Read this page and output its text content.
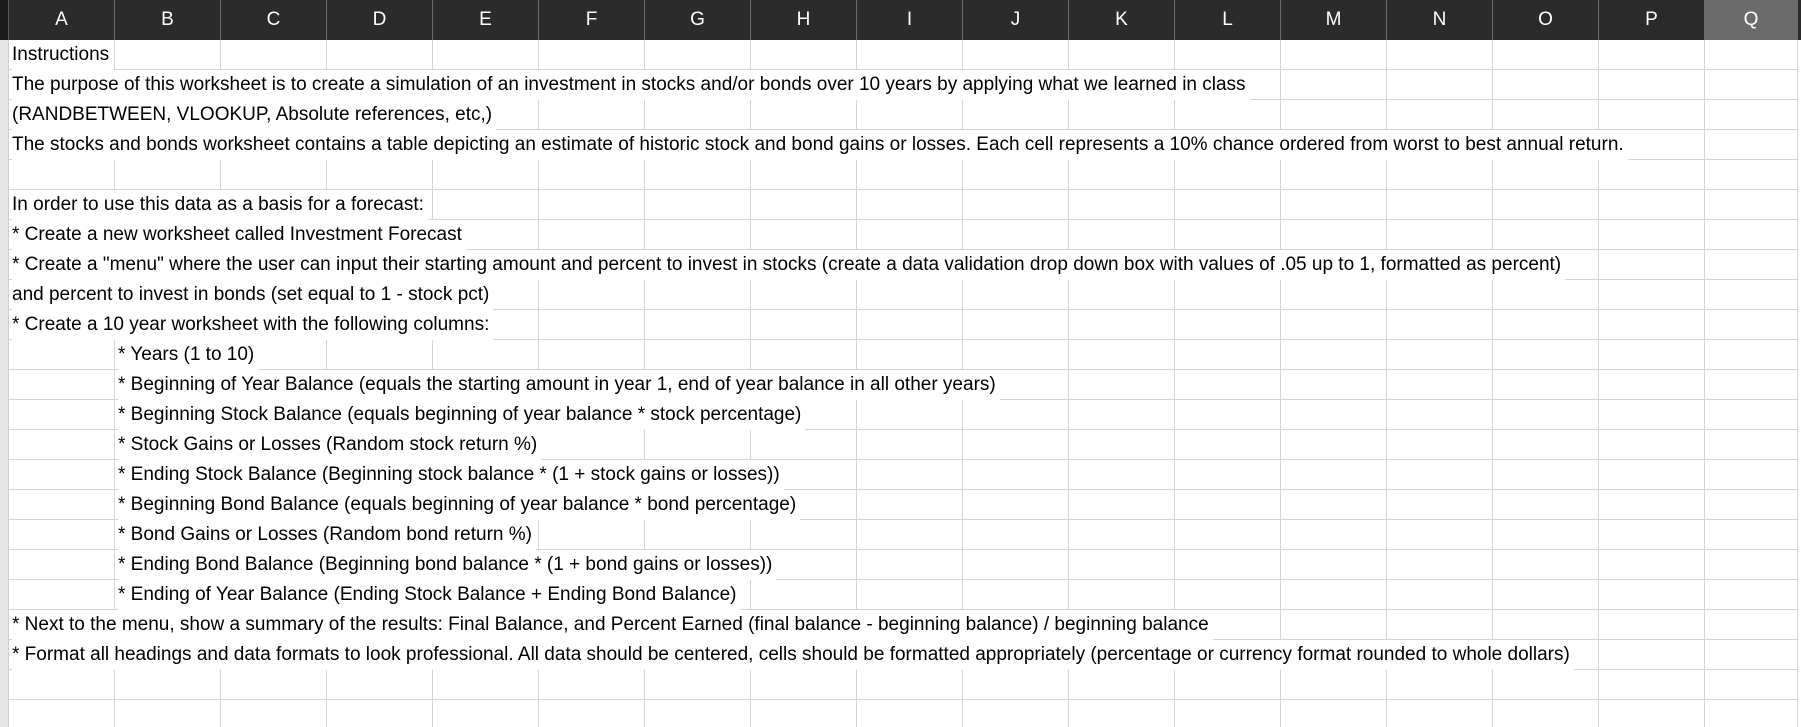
A	B	C	D	E	F	G	H	I	J	K	L	M	N	O	P	Q
Instructions
The purpose of this worksheet is to create a simulation of an investment in stocks and/or bonds over 10 years by applying what we learned in class
(RANDBETWEEN, VLOOKUP, Absolute references, etc,)
The stocks and bonds worksheet contains a table depicting an estimate of historic stock and bond gains or losses. Each cell represents a 10% chance ordered from worst to best annual return.
In order to use this data as a basis for a forecast:
* Create a new worksheet called Investment Forecast
* Create a "menu" where the user can input their starting amount and percent to invest in stocks (create a data validation drop down box with values of .05 up to 1, formatted as percent)
and percent to invest in bonds (set equal to 1 - stock pct)
* Create a 10 year worksheet with the following columns:
* Years (1 to 10)
* Beginning of Year Balance (equals the starting amount in year 1, end of year balance in all other years)
* Beginning Stock Balance (equals beginning of year balance * stock percentage)
* Stock Gains or Losses (Random stock return %)
* Ending Stock Balance (Beginning stock balance * (1 + stock gains or losses))
* Beginning Bond Balance (equals beginning of year balance * bond percentage)
* Bond Gains or Losses (Random bond return %)
* Ending Bond Balance (Beginning bond balance * (1 + bond gains or losses))
* Ending of Year Balance (Ending Stock Balance + Ending Bond Balance)
* Next to the menu, show a summary of the results: Final Balance, and Percent Earned (final balance - beginning balance) / beginning balance
* Format all headings and data formats to look professional. All data should be centered, cells should be formatted appropriately (percentage or currency format rounded to whole dollars)
